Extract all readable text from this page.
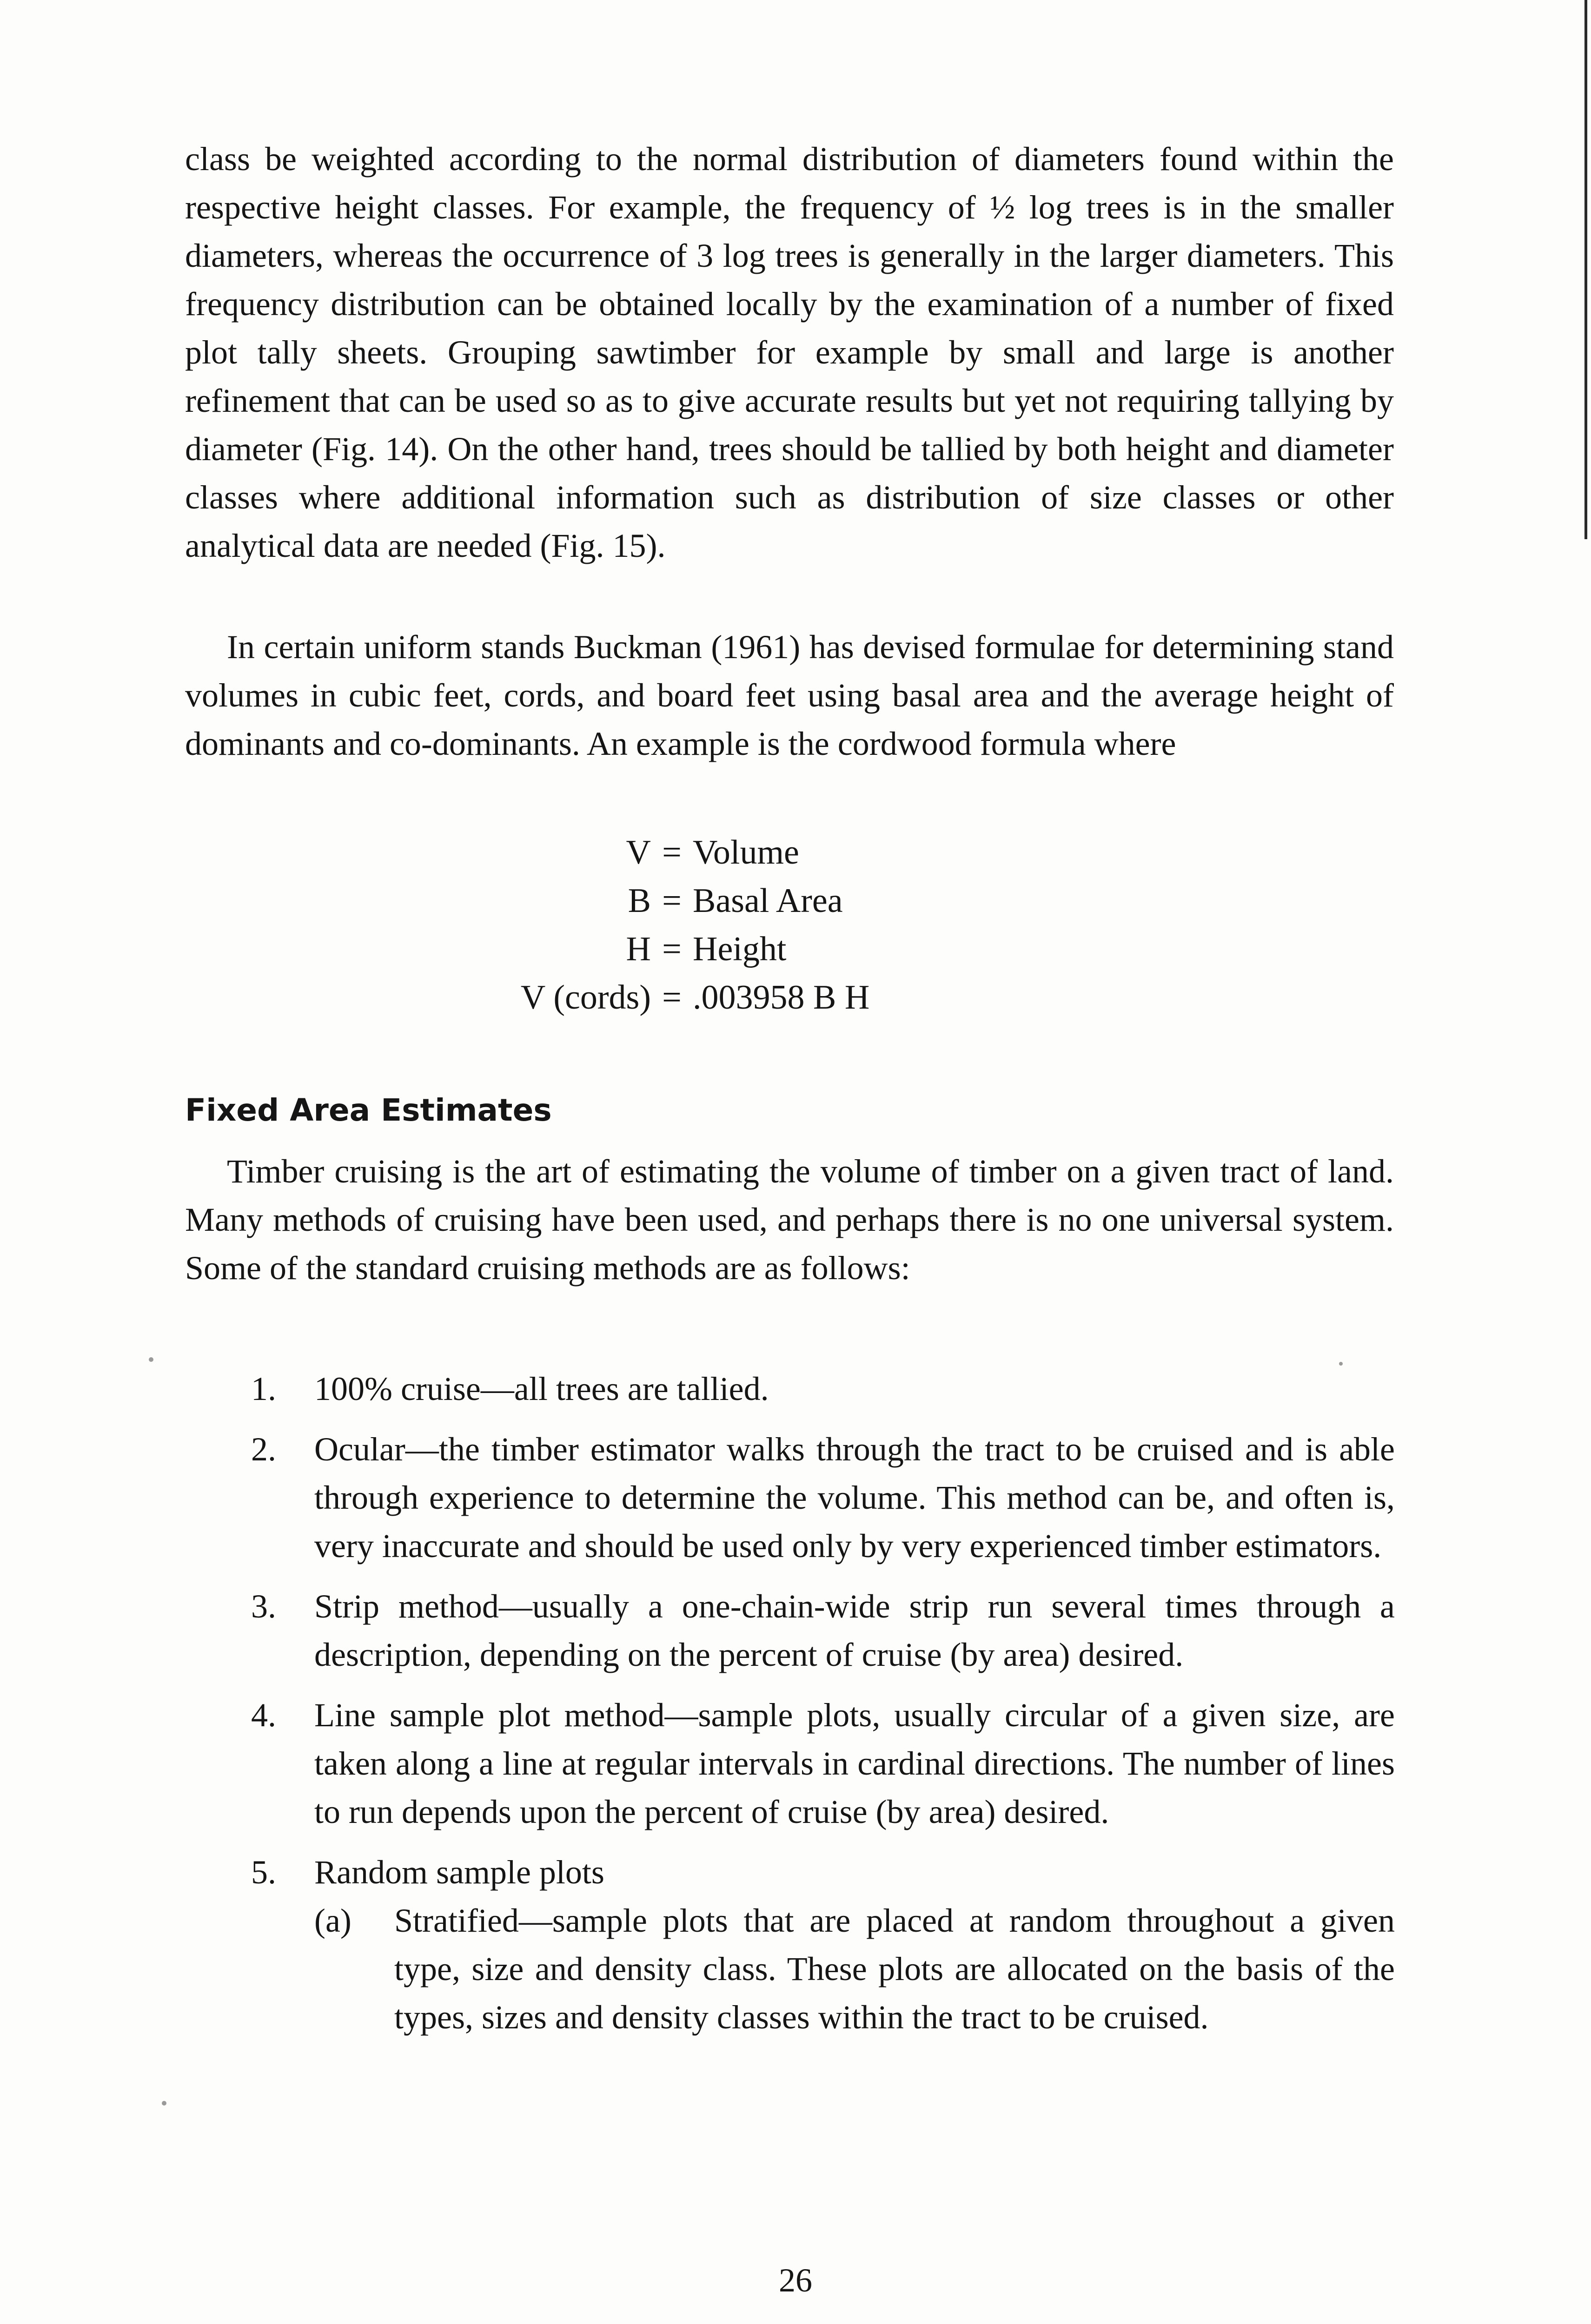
class be weighted according to the normal distribution of diameters found within the respective height classes. For example, the frequency of ½ log trees is in the smaller diameters, whereas the occurrence of 3 log trees is generally in the larger diameters. This frequency distribution can be obtained locally by the examination of a number of fixed plot tally sheets. Grouping sawtimber for example by small and large is another refinement that can be used so as to give accurate results but yet not requiring tallying by diameter (Fig. 14). On the other hand, trees should be tallied by both height and diameter classes where additional information such as distribution of size classes or other analytical data are needed (Fig. 15).

In certain uniform stands Buckman (1961) has devised formulae for determining stand volumes in cubic feet, cords, and board feet using basal area and the average height of dominants and co-dominants. An example is the cordwood formula where

V = Volume
B = Basal Area
H = Height
V (cords) = .003958 B H
Fixed Area Estimates

Timber cruising is the art of estimating the volume of timber on a given tract of land. Many methods of cruising have been used, and perhaps there is no one universal system. Some of the standard cruising methods are as follows:

1.	100% cruise—all trees are tallied.
2.	Ocular—the timber estimator walks through the tract to be cruised and is able through experience to determine the volume. This method can be, and often is, very inaccurate and should be used only by very experienced timber estimators.
3.	Strip method—usually a one-chain-wide strip run several times through a description, depending on the percent of cruise (by area) desired.
4.	Line sample plot method—sample plots, usually circular of a given size, are taken along a line at regular intervals in cardinal directions. The number of lines to run depends upon the percent of cruise (by area) desired.
5.	Random sample plots
(a)	Stratified—sample plots that are placed at random throughout a given type, size and density class. These plots are allocated on the basis of the types, sizes and density classes within the tract to be cruised.

26
